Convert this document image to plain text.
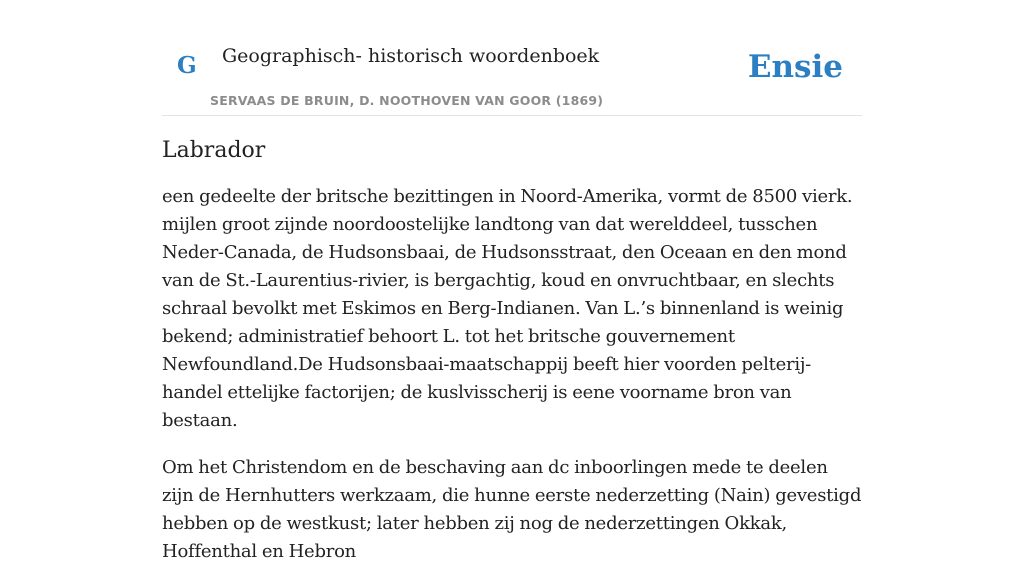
G Geographisch- historisch woordenboek
SERVAAS DE BRUIN, D. NOOTHOVEN VAN GOOR (1869)
Ensie
Labrador

een gedeelte der britsche bezittingen in Noord-Amerika, vormt de 8500 vierk. mijlen groot zijnde noordoostelijke landtong van dat werelddeel, tusschen Neder-Canada, de Hudsonsbaai, de Hudsonsstraat, den Oceaan en den mond van de St.-Laurentius-rivier, is bergachtig, koud en onvruchtbaar, en slechts schraal bevolkt met Eskimos en Berg-Indianen. Van L.’s binnenland is weinig bekend; administratief behoort L. tot het britsche gouvernement Newfoundland.De Hudsonsbaai-maatschappij beeft hier voorden pelterij-handel ettelijke factorijen; de kuslvisscherij is eene voorname bron van bestaan.

Om het Christendom en de beschaving aan dc inboorlingen mede te deelen zijn de Hernhutters werkzaam, die hunne eerste nederzetting (Nain) gevestigd hebben op de westkust; later hebben zij nog de nederzettingen Okkak, Hoffenthal en Hebron
